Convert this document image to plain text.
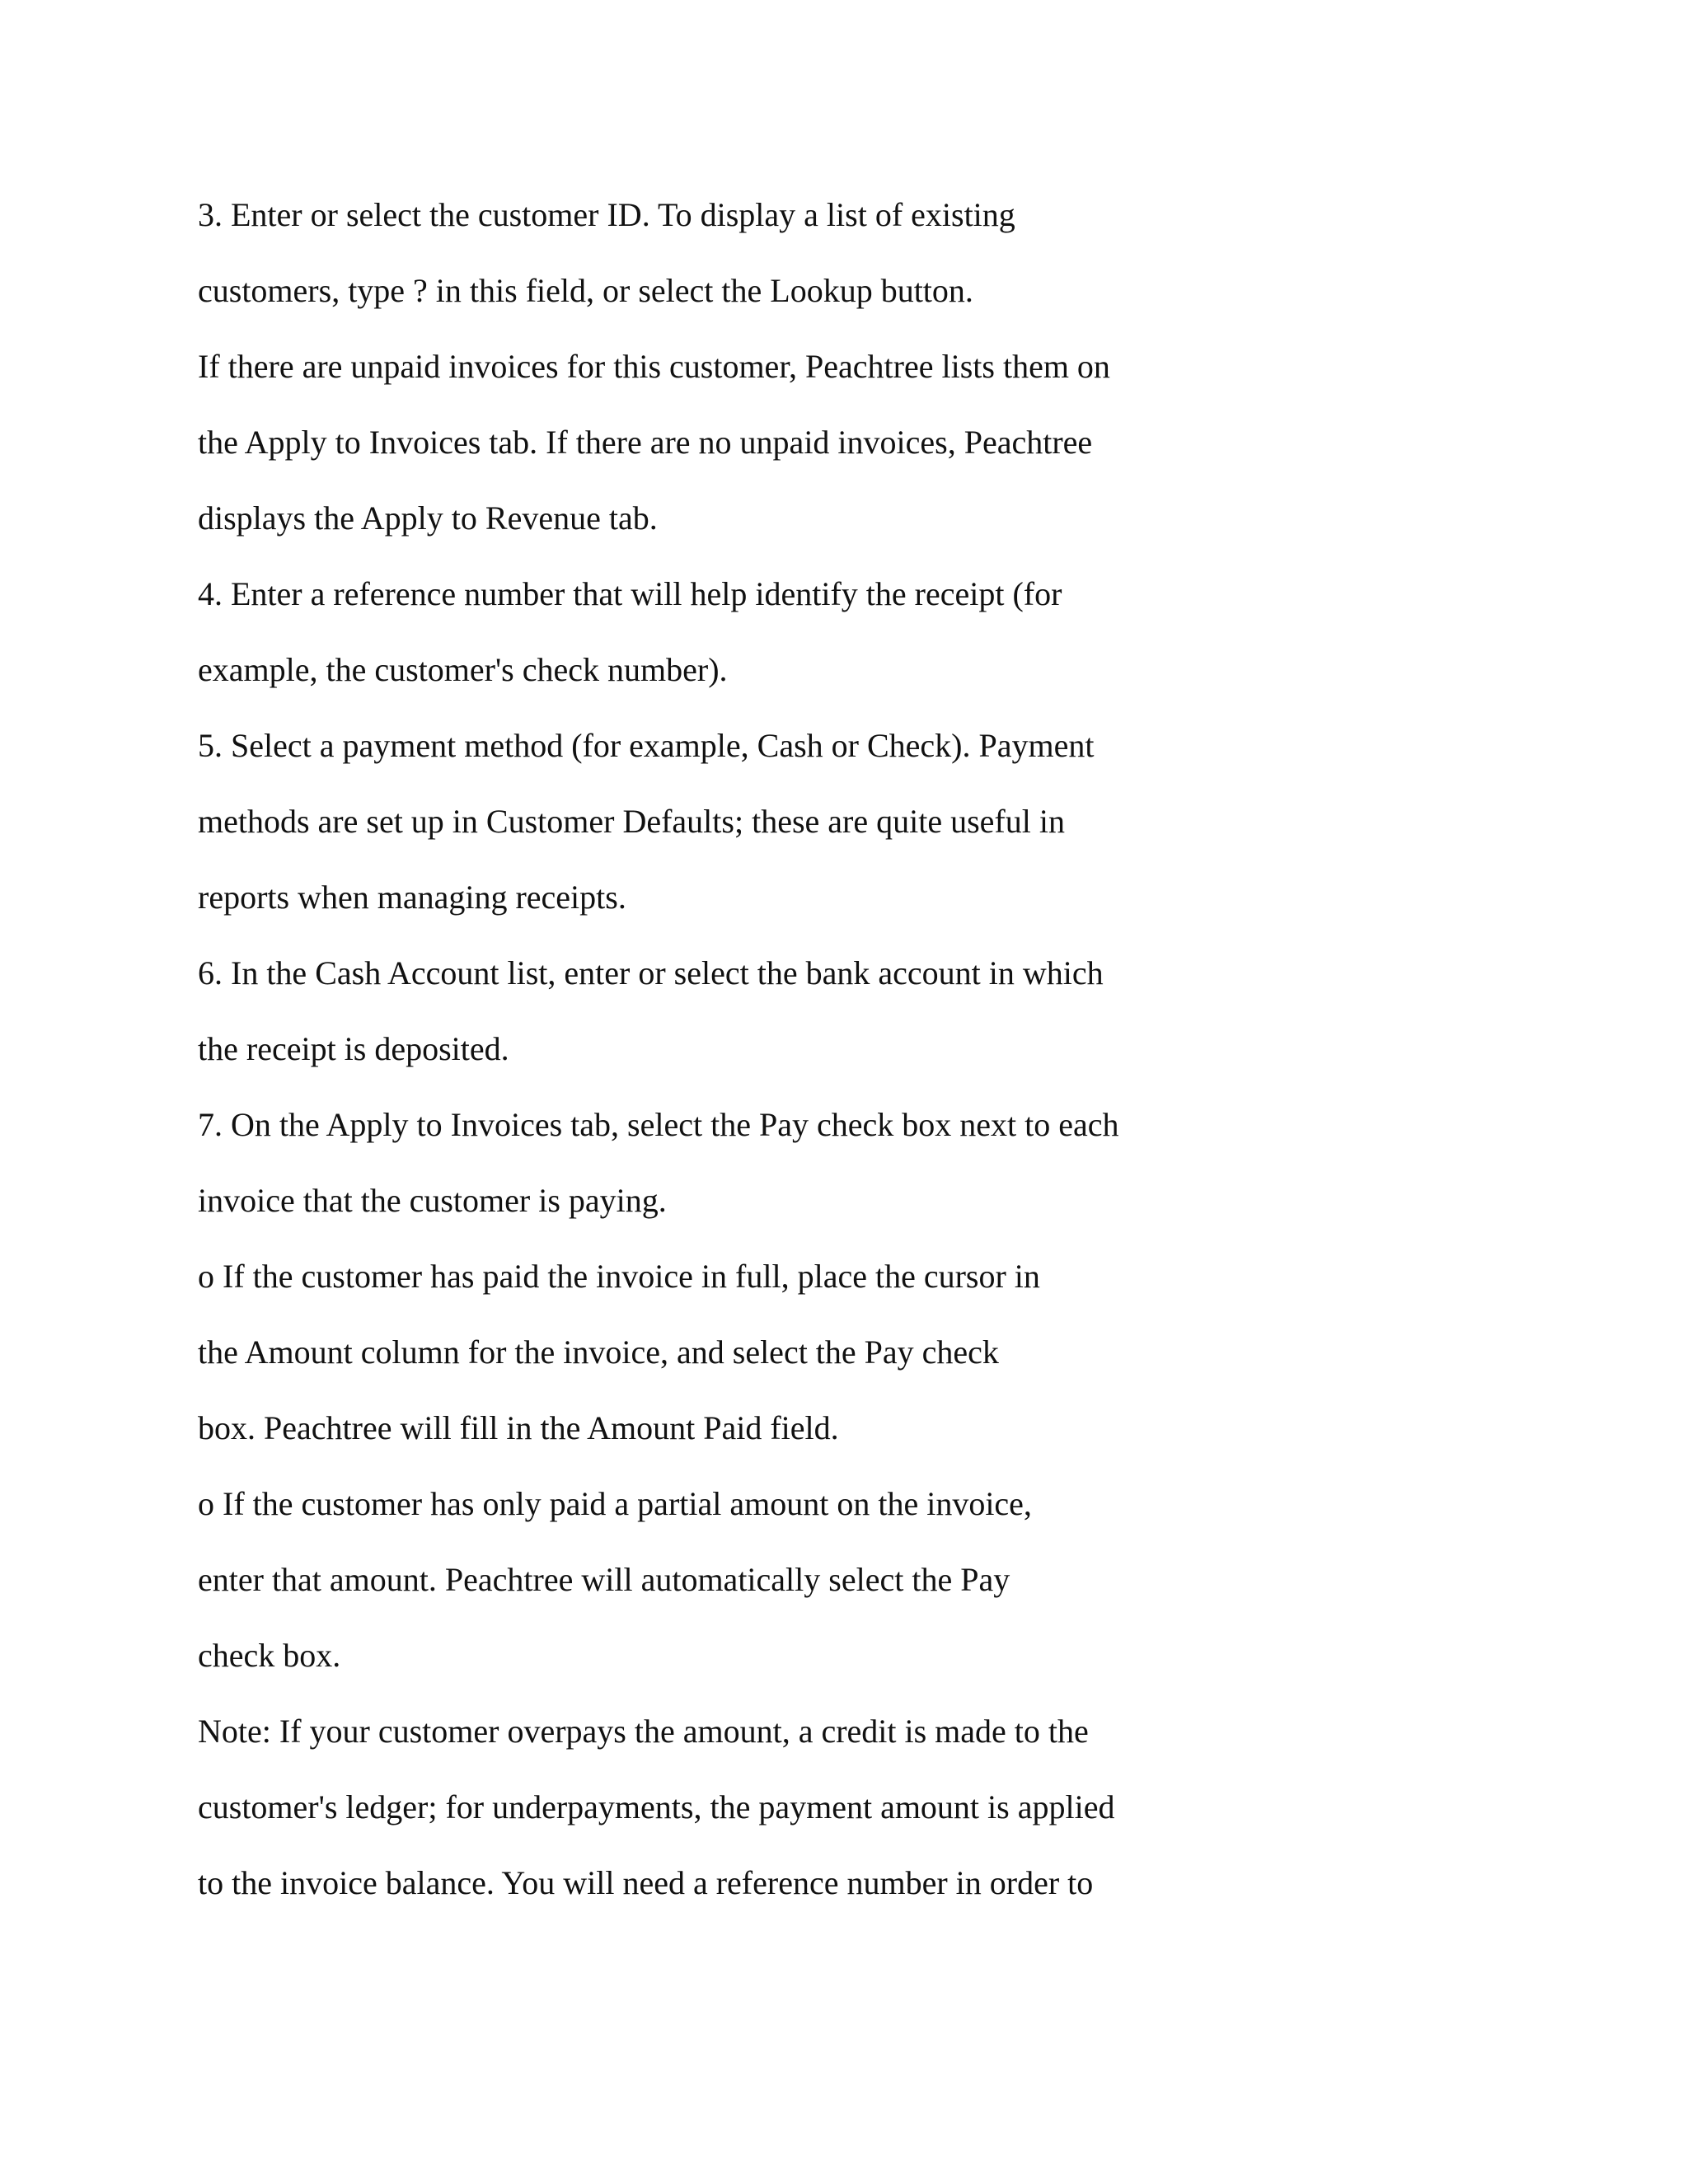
3. Enter or select the customer ID. To display a list of existing
customers, type ? in this field, or select the Lookup button.
If there are unpaid invoices for this customer, Peachtree lists them on
the Apply to Invoices tab. If there are no unpaid invoices, Peachtree
displays the Apply to Revenue tab.
4. Enter a reference number that will help identify the receipt (for
example, the customer's check number).
5. Select a payment method (for example, Cash or Check). Payment
methods are set up in Customer Defaults; these are quite useful in
reports when managing receipts.
6. In the Cash Account list, enter or select the bank account in which
the receipt is deposited.
7. On the Apply to Invoices tab, select the Pay check box next to each
invoice that the customer is paying.
o If the customer has paid the invoice in full, place the cursor in
the Amount column for the invoice, and select the Pay check
box. Peachtree will fill in the Amount Paid field.
o If the customer has only paid a partial amount on the invoice,
enter that amount. Peachtree will automatically select the Pay
check box.
Note: If your customer overpays the amount, a credit is made to the
customer's ledger; for underpayments, the payment amount is applied
to the invoice balance. You will need a reference number in order to
